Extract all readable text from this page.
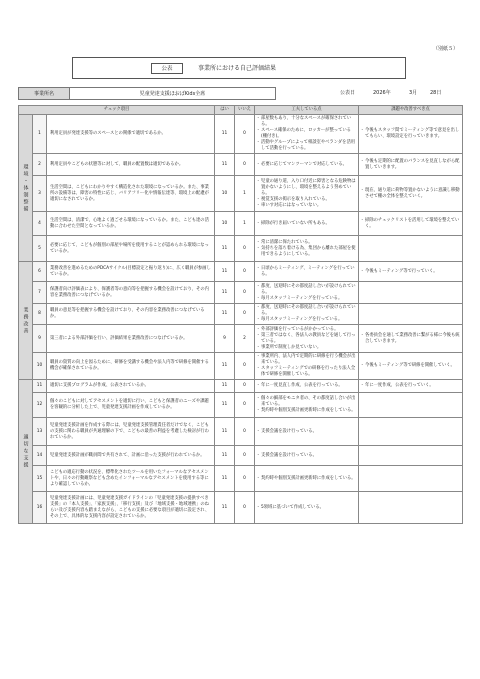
（別紙５）
公表	事業所における自己評価結果
事業所名	児童発達支援ほおばKids全席	公表日	2026年	3月	28日
チェック項目			はい	いいえ	工夫している点	課題や改善すべき点
環境・体制整備	1	利用定員が発達支援等のスペースとの関係で適切であるか。	11	0	・ 部屋数もあり、十分なスペースが確保されている。
・ スペース確保のために、ロッカーが整っている(棚付き)。
・ 活動やグループによって相談室やベランダを活用して活動を行っている。	・ 今後もスタッフ間でミーティング等で意見を出してもらい、環境設定を行っていきます。

	2	利用定員やこどもの状態等に対して、職員の配置数は適切であるか。	11	0	・ 必要に応じてマンツーマンで対応している。	・ 今後も定期的に配置のバランスを見直しながら配置していきます。

	3	生活空間は、こどもにわかりやすく構造化された環境になっているか。また、事業所の設備等は、障害の特性に応じ、バリアフリー化や情報伝達等、環境上の配慮が適切になされているか。	10	1	・ 児童の通り道、入り口付近に障害となる危険物は置かないようにし、環境を整えるよう努めている。
・ 視覚支援の掲示を取り入れている。
・ 車いす対応にはなっていない。	・ 現在、通り道に荷物等置かないように意識し移動させて棚の全体を整えていく。

	4	生活空間は、清潔で、心地よく過ごせる環境になっているか。また、こども達の活動に合わせた空間となっているか。	10	1	・ 掃除が行き届いていない所もある。	・ 掃除のチェックリストを活用して環境を整えていく。

	5	必要に応じて、こどもが個別の部屋や場所を使用することが認められる環境になっているか。	11	0	・ 常に清潔に保たれている。
・ 気持ちを落ち着ける為、集団から離れた部屋を使用できるようにしている。

業務改善	6	業務改善を進めるためのPDCAサイクル(目標設定と振り返り)に、広く職員が参画しているか。	11	0	・ 日頃からミーティング、ミーティングを行っている。	・ 今後もミーティング等で行っていく。

	7	保護者向け評価表により、保護者等の意向等を把握する機会を設けており、その内容を業務改善につなげているか。	11	0	・ 都度、送迎時にその都度話し合いが設けられている。
・ 毎月スタッフミーティングを行っている。

	8	職員の意見等を把握する機会を設けており、その内容を業務改善につなげているか。	11	0	・ 都度、送迎時にその都度話し合いが設けられている。
・ 毎月スタッフミーティングを行っている。

	9	第三者による外部評価を行い、評価結果を業務改善につなげているか。	9	2	・ 外部評価を行っているがかかっている。
・ 第三者ではなく、各法人の教員などを通して行っている。
・ 事業所で制度しか見ていない。	・ 各委員会を通して業務改善に繋がる様に今後も統合していきます。

	10	職員の資質の向上を図るために、研修を受講する機会や法人内等で研修を開催する機会が確保されているか。	11	0	・ 事業所内、法人内で定期的に研修を行う機会が出来ている。
・ スタッフミーティングでの研修を行ったり法人全体で研修を開催している。	・ 今後もミーティング等で研修を開催していく。

適切な支援	11	適切に支援プログラムが作成、公表されているか。	11	0	・ 年に一度見直し作成、公表を行っている。	・ 年に一度作成、公表を行っていく。

	12	個々のこどもに対してアセスメントを適切に行い、こどもと保護者のニーズや課題を客観的に分析した上で、児童発達支援計画を作成しているか。	11	0	・ 個々の細部をモニタ者の、その都度話し合いが出来ている。
・ 契約時や個別支援計画更新時に作成をしている。

	13	児童発達支援計画を作成する際には、児童発達支援管理責任者だけでなく、こどもの支援に関わる職員が共通理解の下で、こどもの最善の利益を考慮した検討が行われているか。	11	0	・ 支援会議を設け行っている。

	14	児童発達支援計画が職員間で共有されて、計画に沿った支援が行われているか。	11	0	・ 支援会議を設け行っている。

	15	こどもの適応行動の状況を、標準化されたツールを用いたフォーマルなアセスメントや、日々の行動観察なども含めたインフォーマルなアセスメントを使用する等により確認しているか。	11	0	・ 契約時や個別支援計画更新時に作成をしている。

	16	児童発達支援計画には、児童発達支援ガイドラインの「児童発達支援の提供すべき支援」の「本人支援」、「家族支援」、「移行支援」及び「地域支援・地域連携」のねらい及び支援内容も踏まえながら、こどもの支援に必要な項目が適切に設定され、その上で、具体的な支援内容が設定されているか。	11	0	・ 5領域に基づいて作成している。
